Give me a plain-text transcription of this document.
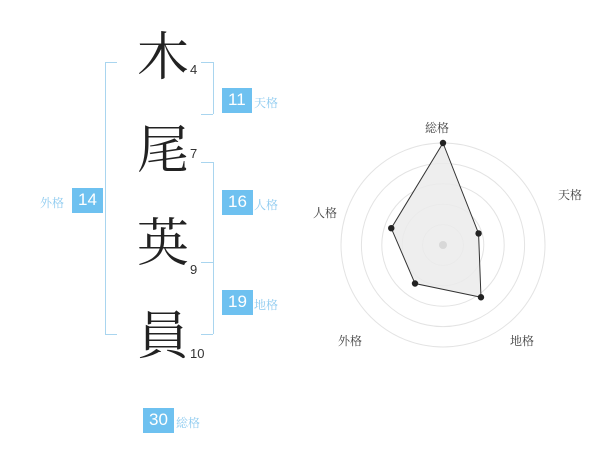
木
尾
英
員
4
7
9
10
11 天格
16 人格
19 地格
14
外格
30 総格
総格
天格
地格
外格
人格
